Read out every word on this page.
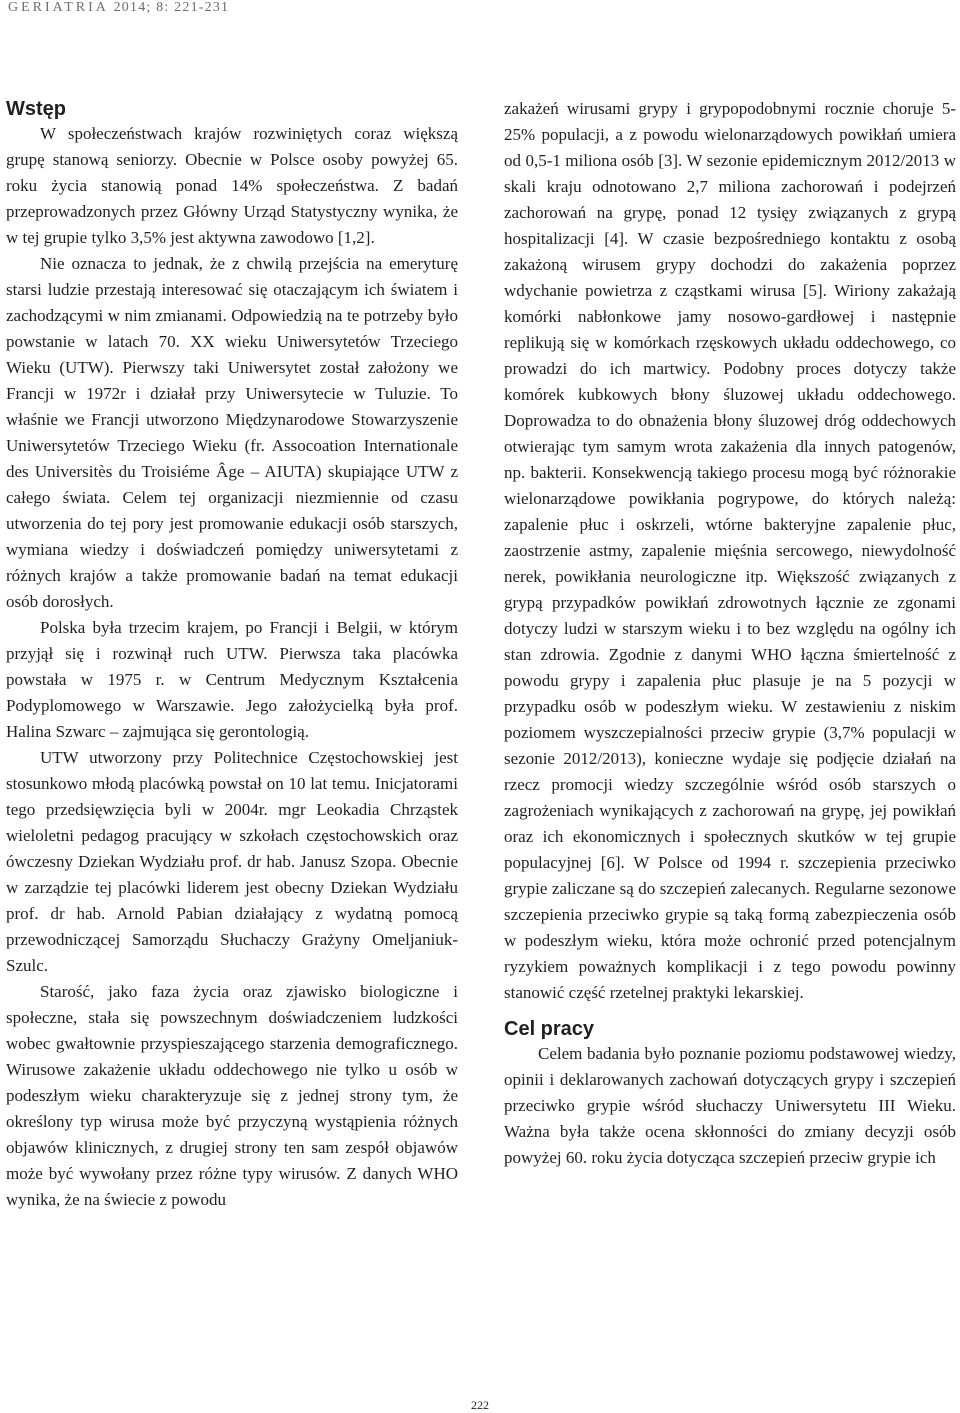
GERIATRIA 2014; 8: 221-231
Wstęp

W społeczeństwach krajów rozwiniętych coraz większą grupę stanową seniorzy. Obecnie w Polsce osoby powyżej 65. roku życia stanowią ponad 14% społeczeństwa. Z badań przeprowadzonych przez Główny Urząd Statystyczny wynika, że w tej grupie tylko 3,5% jest aktywna zawodowo [1,2].

Nie oznacza to jednak, że z chwilą przejścia na emeryturę starsi ludzie przestają interesować się otaczającym ich światem i zachodzącymi w nim zmianami. Odpowiedzią na te potrzeby było powstanie w latach 70. XX wieku Uniwersytetów Trzeciego Wieku (UTW). Pierwszy taki Uniwersytet został założony we Francji w 1972r i działał przy Uniwersytecie w Tuluzie. To właśnie we Francji utworzono Międzynarodowe Stowarzyszenie Uniwersytetów Trzeciego Wieku (fr. Assocoation Internationale des Universitès du Troisiéme Âge – AIUTA) skupiające UTW z całego świata. Celem tej organizacji niezmiennie od czasu utworzenia do tej pory jest promowanie edukacji osób starszych, wymiana wiedzy i doświadczeń pomiędzy uniwersytetami z różnych krajów a także promowanie badań na temat edukacji osób dorosłych.

Polska była trzecim krajem, po Francji i Belgii, w którym przyjął się i rozwinął ruch UTW. Pierwsza taka placówka powstała w 1975 r. w Centrum Medycznym Kształcenia Podyplomowego w Warszawie. Jego założycielką była prof. Halina Szwarc – zajmująca się gerontologią.

UTW utworzony przy Politechnice Częstochowskiej jest stosunkowo młodą placówką powstał on 10 lat temu. Inicjatorami tego przedsięwzięcia byli w 2004r. mgr Leokadia Chrząstek wieloletni pedagog pracujący w szkołach częstochowskich oraz ówczesny Dziekan Wydziału prof. dr hab. Janusz Szopa. Obecnie w zarządzie tej placówki liderem jest obecny Dziekan Wydziału prof. dr hab. Arnold Pabian działający z wydatną pomocą przewodniczącej Samorządu Słuchaczy Grażyny Omeljaniuk-Szulc.

Starość, jako faza życia oraz zjawisko biologiczne i społeczne, stała się powszechnym doświadczeniem ludzkości wobec gwałtownie przyspieszającego starzenia demograficznego. Wirusowe zakażenie układu oddechowego nie tylko u osób w podeszłym wieku charakteryzuje się z jednej strony tym, że określony typ wirusa może być przyczyną wystąpienia różnych objawów klinicznych, z drugiej strony ten sam zespół objawów może być wywołany przez różne typy wirusów. Z danych WHO wynika, że na świecie z powodu

zakażeń wirusami grypy i grypopodobnymi rocznie choruje 5-25% populacji, a z powodu wielonarządowych powikłań umiera od 0,5-1 miliona osób [3]. W sezonie epidemicznym 2012/2013 w skali kraju odnotowano 2,7 miliona zachorowań i podejrzeń zachorowań na grypę, ponad 12 tysięy związanych z grypą hospitalizacji [4]. W czasie bezpośredniego kontaktu z osobą zakażoną wirusem grypy dochodzi do zakażenia poprzez wdychanie powietrza z cząstkami wirusa [5]. Wiriony zakażają komórki nabłonkowe jamy nosowo-gardłowej i następnie replikują się w komórkach rzęskowych układu oddechowego, co prowadzi do ich martwicy. Podobny proces dotyczy także komórek kubkowych błony śluzowej układu oddechowego. Doprowadza to do obnażenia błony śluzowej dróg oddechowych otwierając tym samym wrota zakażenia dla innych patogenów, np. bakterii. Konsekwencją takiego procesu mogą być różnorakie wielonarządowe powikłania pogrypowe, do których należą: zapalenie płuc i oskrzeli, wtórne bakteryjne zapalenie płuc, zaostrzenie astmy, zapalenie mięśnia sercowego, niewydolność nerek, powikłania neurologiczne itp. Większość związanych z grypą przypadków powikłań zdrowotnych łącznie ze zgonami dotyczy ludzi w starszym wieku i to bez względu na ogólny ich stan zdrowia. Zgodnie z danymi WHO łączna śmiertelność z powodu grypy i zapalenia płuc plasuje je na 5 pozycji w przypadku osób w podeszłym wieku. W zestawieniu z niskim poziomem wyszczepialności przeciw grypie (3,7% populacji w sezonie 2012/2013), konieczne wydaje się podjęcie działań na rzecz promocji wiedzy szczególnie wśród osób starszych o zagrożeniach wynikających z zachorowań na grypę, jej powikłań oraz ich ekonomicznych i społecznych skutków w tej grupie populacyjnej [6]. W Polsce od 1994 r. szczepienia przeciwko grypie zaliczane są do szczepień zalecanych. Regularne sezonowe szczepienia przeciwko grypie są taką formą zabezpieczenia osób w podeszłym wieku, która może ochronić przed potencjalnym ryzykiem poważnych komplikacji i z tego powodu powinny stanowić część rzetelnej praktyki lekarskiej.

Cel pracy

Celem badania było poznanie poziomu podstawowej wiedzy, opinii i deklarowanych zachowań dotyczących grypy i szczepień przeciwko grypie wśród słuchaczy Uniwersytetu III Wieku. Ważna była także ocena skłonności do zmiany decyzji osób powyżej 60. roku życia dotycząca szczepień przeciw grypie ich

222
